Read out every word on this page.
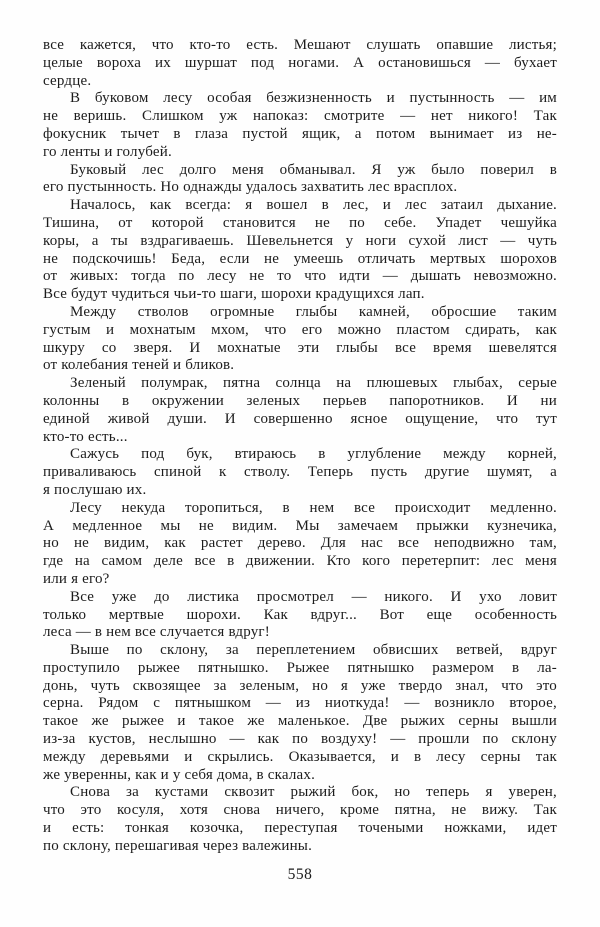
все кажется, что кто-то есть. Мешают слушать опавшие листья;
целые вороха их шуршат под ногами. А остановишься — бухает
сердце.
В буковом лесу особая безжизненность и пустынность — им
не веришь. Слишком уж напоказ: смотрите — нет никого! Так
фокусник тычет в глаза пустой ящик, а потом вынимает из не-
го ленты и голубей.
Буковый лес долго меня обманывал. Я уж было поверил в
его пустынность. Но однажды удалось захватить лес врасплох.
Началось, как всегда: я вошел в лес, и лес затаил дыхание.
Тишина, от которой становится не по себе. Упадет чешуйка
коры, а ты вздрагиваешь. Шевельнется у ноги сухой лист — чуть
не подскочишь! Беда, если не умеешь отличать мертвых шорохов
от живых: тогда по лесу не то что идти — дышать невозможно.
Все будут чудиться чьи-то шаги, шорохи крадущихся лап.
Между стволов огромные глыбы камней, обросшие таким
густым и мохнатым мхом, что его можно пластом сдирать, как
шкуру со зверя. И мохнатые эти глыбы все время шевелятся
от колебания теней и бликов.
Зеленый полумрак, пятна солнца на плюшевых глыбах, серые
колонны в окружении зеленых перьев папоротников. И ни
единой живой души. И совершенно ясное ощущение, что тут
кто-то есть...
Сажусь под бук, втираюсь в углубление между корней,
приваливаюсь спиной к стволу. Теперь пусть другие шумят, а
я послушаю их.
Лесу некуда торопиться, в нем все происходит медленно.
А медленное мы не видим. Мы замечаем прыжки кузнечика,
но не видим, как растет дерево. Для нас все неподвижно там,
где на самом деле все в движении. Кто кого перетерпит: лес меня
или я его?
Все уже до листика просмотрел — никого. И ухо ловит
только мертвые шорохи. Как вдруг... Вот еще особенность
леса — в нем все случается вдруг!
Выше по склону, за переплетением обвисших ветвей, вдруг
проступило рыжее пятнышко. Рыжее пятнышко размером в ла-
донь, чуть сквозящее за зеленым, но я уже твердо знал, что это
серна. Рядом с пятнышком — из ниоткуда! — возникло второе,
такое же рыжее и такое же маленькое. Две рыжих серны вышли
из-за кустов, неслышно — как по воздуху! — прошли по склону
между деревьями и скрылись. Оказывается, и в лесу серны так
же уверенны, как и у себя дома, в скалах.
Снова за кустами сквозит рыжий бок, но теперь я уверен,
что это косуля, хотя снова ничего, кроме пятна, не вижу. Так
и есть: тонкая козочка, переступая точеными ножками, идет
по склону, перешагивая через валежины.
558
